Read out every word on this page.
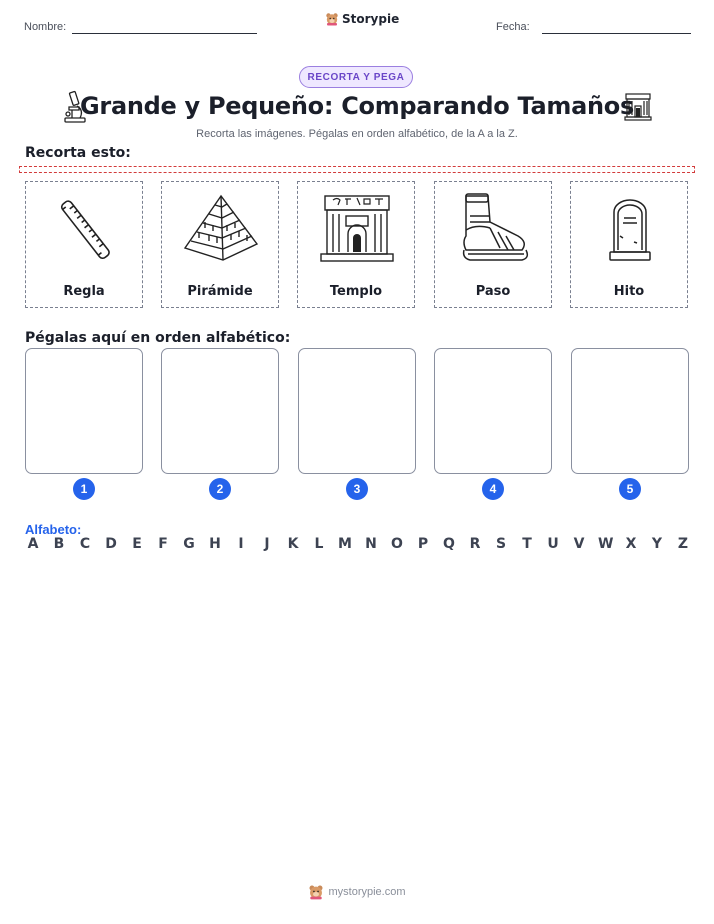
Nombre:
Storypie
Fecha:
RECORTA Y PEGA
Grande y Pequeño: Comparando Tamaños
Recorta las imágenes. Pégalas en orden alfabético, de la A a la Z.
Recorta esto:
Regla	Pirámide	Templo	Paso	Hito
Pégalas aquí en orden alfabético:
1	2	3	4	5
Alfabeto:
A B C D E F G H	I	J	K L M N O P Q R S T U V W X Y Z
mystorypie.com
